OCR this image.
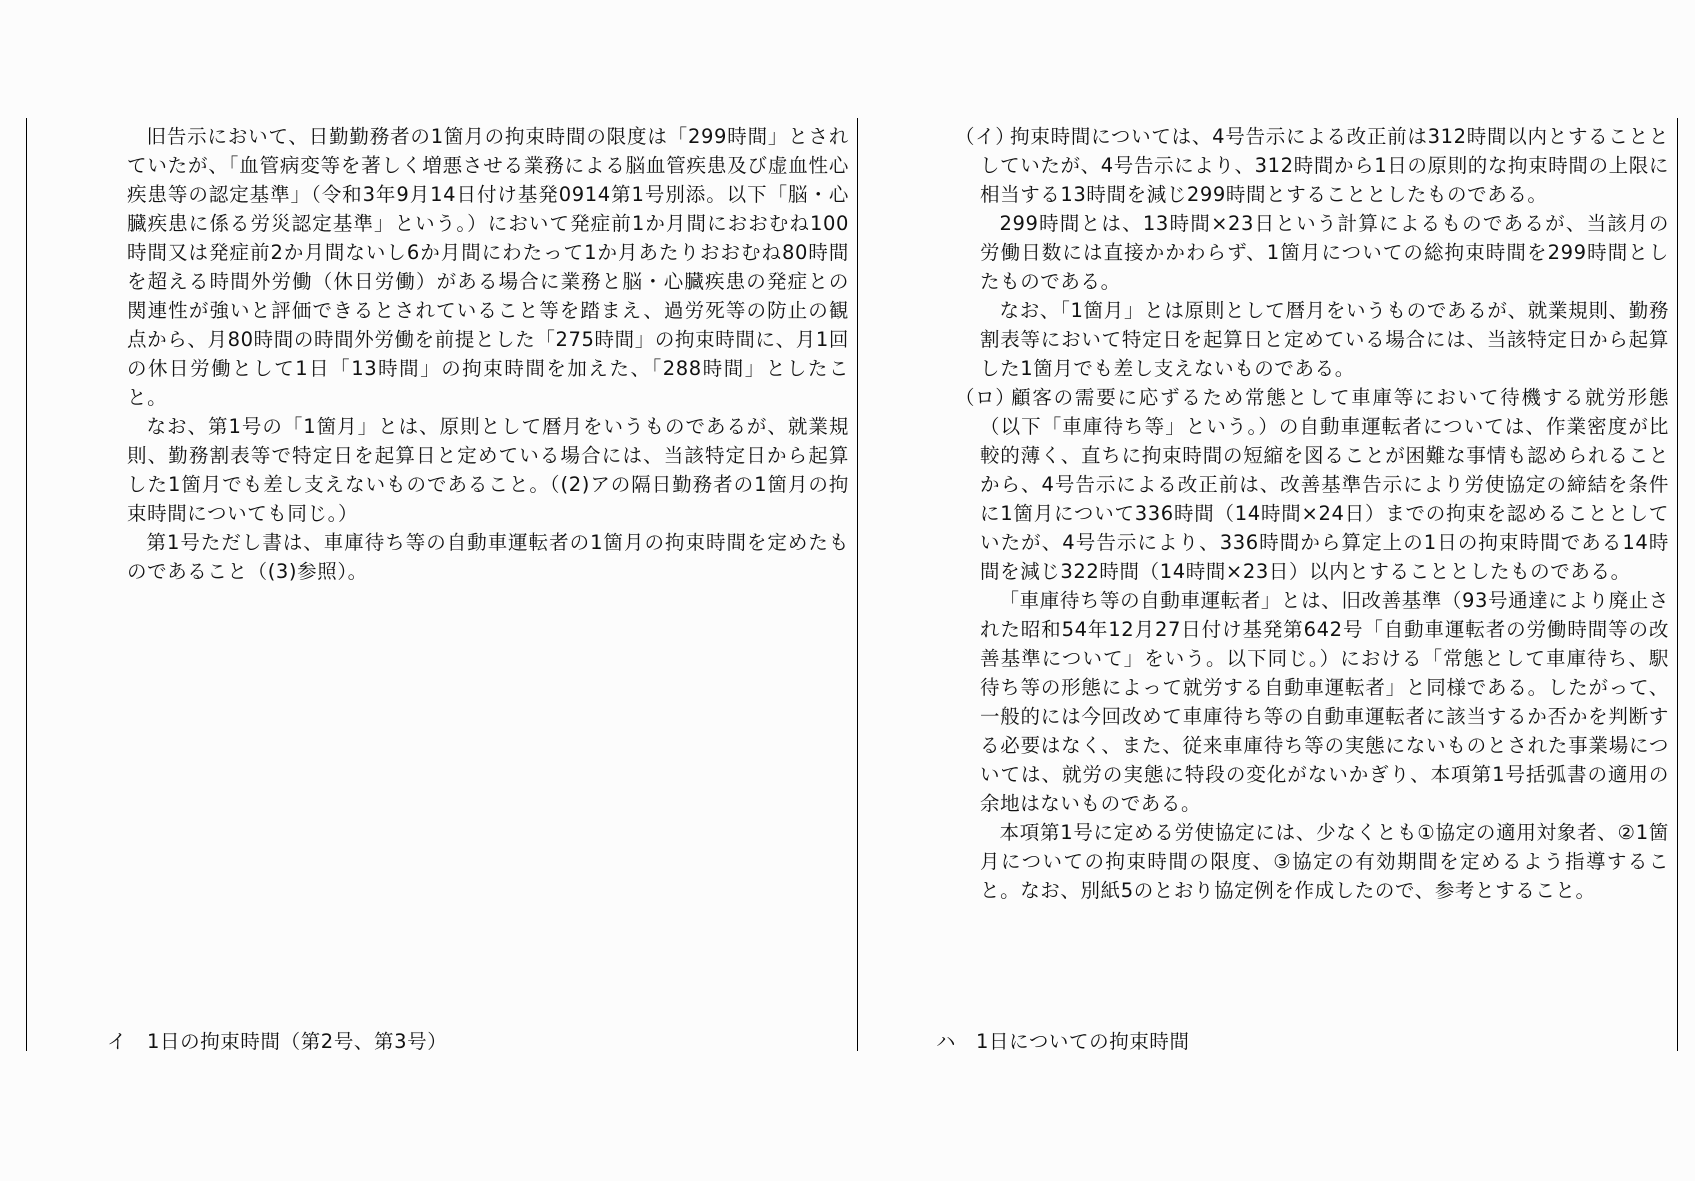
旧告示において、日勤勤務者の1箇月の拘束時間の限度は「299時間」とされていたが、「血管病変等を著しく増悪させる業務による脳血管疾患及び虚血性心疾患等の認定基準」（令和3年9月14日付け基発0914第1号別添。以下「脳・心臓疾患に係る労災認定基準」という。）において発症前1か月間におおむね100時間又は発症前2か月間ないし6か月間にわたって1か月あたりおおむね80時間を超える時間外労働（休日労働）がある場合に業務と脳・心臓疾患の発症との関連性が強いと評価できるとされていること等を踏まえ、過労死等の防止の観点から、月80時間の時間外労働を前提とした「275時間」の拘束時間に、月1回の休日労働として1日「13時間」の拘束時間を加えた、「288時間」としたこと。

なお、第1号の「1箇月」とは、原則として暦月をいうものであるが、就業規則、勤務割表等で特定日を起算日と定めている場合には、当該特定日から起算した1箇月でも差し支えないものであること。（(2)アの隔日勤務者の1箇月の拘束時間についても同じ。）

第1号ただし書は、車庫待ち等の自動車運転者の1箇月の拘束時間を定めたものであること（(3)参照）。

イ 1日の拘束時間（第2号、第3号）
（イ）

拘束時間については、4号告示による改正前は312時間以内とすることとしていたが、4号告示により、312時間から1日の原則的な拘束時間の上限に相当する13時間を減じ299時間とすることとしたものである。

299時間とは、13時間×23日という計算によるものであるが、当該月の労働日数には直接かかわらず、1箇月についての総拘束時間を299時間としたものである。

なお、「1箇月」とは原則として暦月をいうものであるが、就業規則、勤務割表等において特定日を起算日と定めている場合には、当該特定日から起算した1箇月でも差し支えないものである。

（ロ）

顧客の需要に応ずるため常態として車庫等において待機する就労形態（以下「車庫待ち等」という。）の自動車運転者については、作業密度が比較的薄く、直ちに拘束時間の短縮を図ることが困難な事情も認められることから、4号告示による改正前は、改善基準告示により労使協定の締結を条件に1箇月について336時間（14時間×24日）までの拘束を認めることとしていたが、4号告示により、336時間から算定上の1日の拘束時間である14時間を減じ322時間（14時間×23日）以内とすることとしたものである。

「車庫待ち等の自動車運転者」とは、旧改善基準（93号通達により廃止された昭和54年12月27日付け基発第642号「自動車運転者の労働時間等の改善基準について」をいう。以下同じ。）における「常態として車庫待ち、駅待ち等の形態によって就労する自動車運転者」と同様である。したがって、一般的には今回改めて車庫待ち等の自動車運転者に該当するか否かを判断する必要はなく、また、従来車庫待ち等の実態にないものとされた事業場については、就労の実態に特段の変化がないかぎり、本項第1号括弧書の適用の余地はないものである。

本項第1号に定める労使協定には、少なくとも①協定の適用対象者、②1箇月についての拘束時間の限度、③協定の有効期間を定めるよう指導すること。なお、別紙5のとおり協定例を作成したので、参考とすること。

ハ 1日についての拘束時間
